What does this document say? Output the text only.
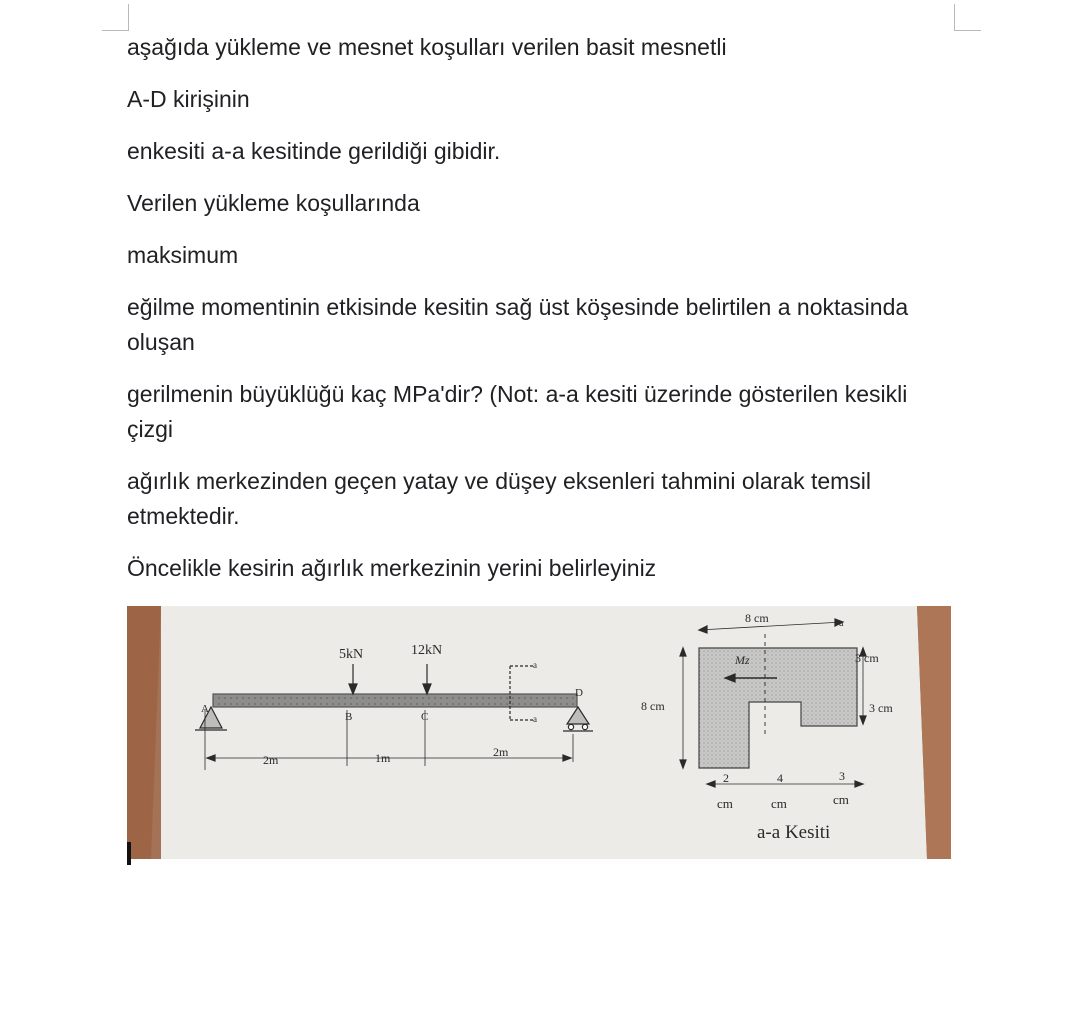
aşağıda yükleme ve mesnet koşulları verilen basit mesnetli

A-D kirişinin

enkesiti a-a kesitinde gerildiği gibidir.

Verilen yükleme koşullarında

maksimum

eğilme momentinin etkisinde kesitin sağ üst köşesinde belirtilen a noktasinda oluşan

gerilmenin büyüklüğü kaç MPa'dir? (Not: a-a kesiti üzerinde gösterilen kesikli çizgi

ağırlık merkezinden geçen yatay ve düşey eksenleri tahmini olarak temsil etmektedir.

Öncelikle kesirin ağırlık merkezinin yerini belirleyiniz

5kN	12kN
A
B	C
D
a
a
2m	1m	2m
8 cm	a
Mz
8 cm
3 cm
3 cm
2
cm
4
cm
3
cm
a-a Kesiti
